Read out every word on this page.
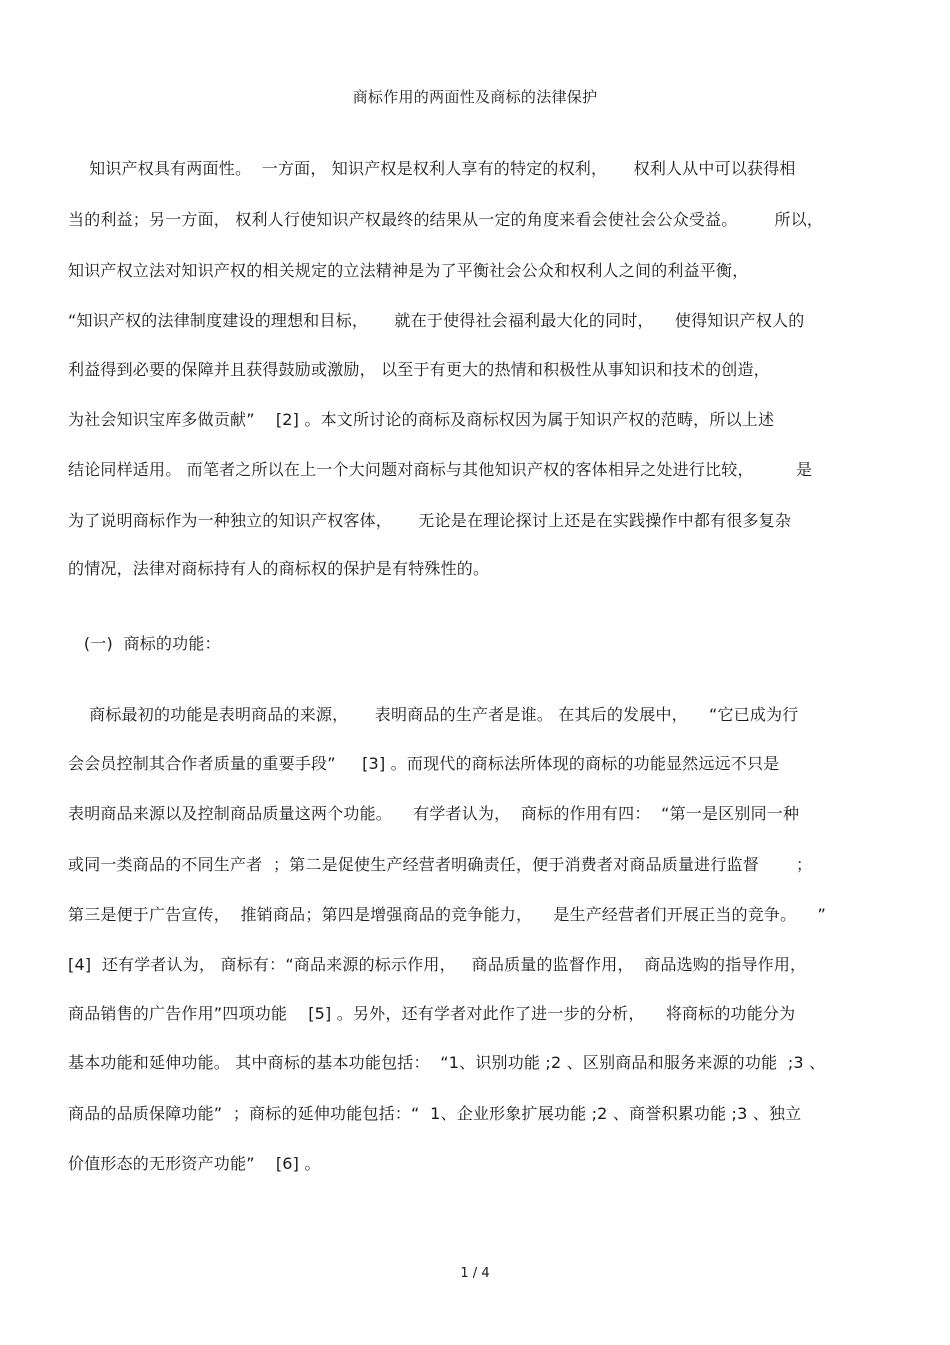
商标作用的两面性及商标的法律保护
知识产权具有两面性。  一方面， 知识产权是权利人享有的特定的权利，     权利人从中可以获得相
当的利益；另一方面， 权利人行使知识产权最终的结果从一定的角度来看会使社会公众受益。       所以，
知识产权立法对知识产权的相关规定的立法精神是为了平衡社会公众和权利人之间的利益平衡，
“知识产权的法律制度建设的理想和目标，     就在于使得社会福利最大化的同时，    使得知识产权人的
利益得到必要的保障并且获得鼓励或激励， 以至于有更大的热情和积极性从事知识和技术的创造，
为社会知识宝库多做贡献”    [2] 。本文所讨论的商标及商标权因为属于知识产权的范畴，所以上述
结论同样适用。 而笔者之所以在上一个大问题对商标与其他知识产权的客体相异之处进行比较，        是
为了说明商标作为一种独立的知识产权客体，     无论是在理论探讨上还是在实践操作中都有很多复杂
的情况，法律对商标持有人的商标权的保护是有特殊性的。
(一)  商标的功能：
商标最初的功能是表明商品的来源，     表明商品的生产者是谁。 在其后的发展中，    “它已成为行
会会员控制其合作者质量的重要手段”     [3] 。而现代的商标法所体现的商标的功能显然远远不只是
表明商品来源以及控制商品质量这两个功能。    有学者认为，  商标的作用有四：  “第一是区别同一种
或同一类商品的不同生产者  ；第二是促使生产经营者明确责任，便于消费者对商品质量进行监督       ；
第三是便于广告宣传，  推销商品；第四是增强商品的竞争能力，    是生产经营者们开展正当的竞争。    ”
[4]  还有学者认为， 商标有：“商品来源的标示作用，   商品质量的监督作用，  商品选购的指导作用，
商品销售的广告作用”四项功能    [5] 。另外，还有学者对此作了进一步的分析，    将商标的功能分为
基本功能和延伸功能。 其中商标的基本功能包括：  “1、识别功能 ;2 、区别商品和服务来源的功能  ;3 、
商品的品质保障功能”  ；商标的延伸功能包括：“  1、企业形象扩展功能 ;2 、商誉积累功能 ;3 、独立
价值形态的无形资产功能”    [6] 。
1 / 4
